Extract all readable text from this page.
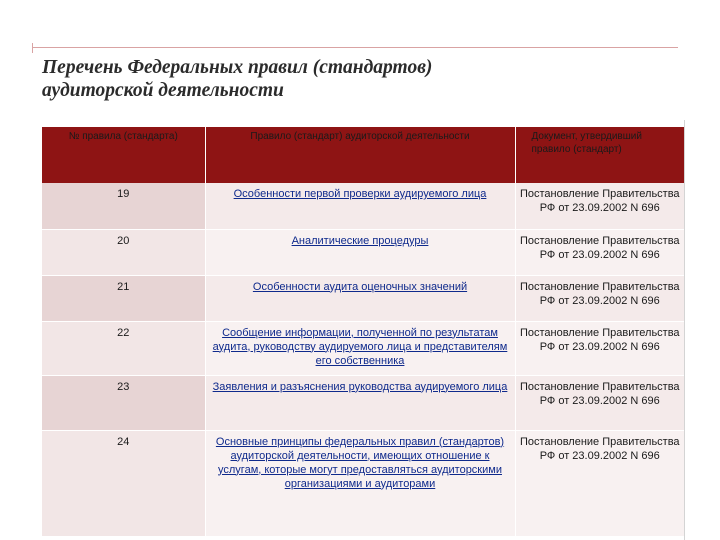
Перечень Федеральных правил (стандартов)
аудиторской деятельности
№ правила (стандарта)	Правило (стандарт) аудиторской деятельности	Документ, утвердивший правило (стандарт)
19	Особенности первой проверки аудируемого лица	Постановление Правительства РФ от 23.09.2002 N 696
20	Аналитические процедуры	Постановление Правительства РФ от 23.09.2002 N 696
21	Особенности аудита оценочных значений	Постановление Правительства РФ от 23.09.2002 N 696
22	Сообщение информации, полученной по результатам аудита, руководству аудируемого лица и представителям его собственника	Постановление Правительства РФ от 23.09.2002 N 696
23	Заявления и разъяснения руководства аудируемого лица	Постановление Правительства РФ от 23.09.2002 N 696
24	Основные принципы федеральных правил (стандартов) аудиторской деятельности, имеющих отношение к услугам, которые могут предоставляться аудиторскими организациями и аудиторами	Постановление Правительства РФ от 23.09.2002 N 696
